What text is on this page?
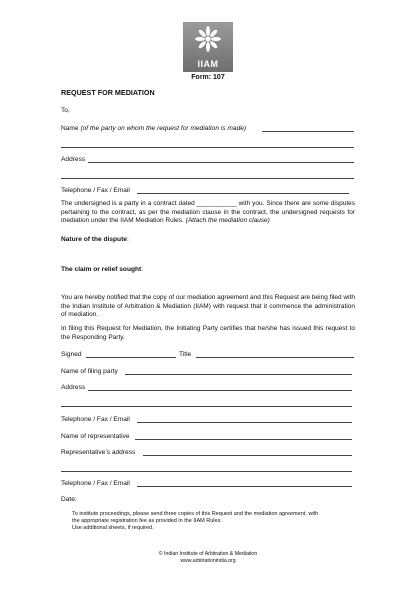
IIAM
Form: 107
REQUEST FOR MEDIATION
To,
Name (of the party on whom the request for mediation is made)
Address
Telephone / Fax / Email
The undersigned is a party in a contract dated ___________ with you. Since there are some disputes pertaining to the contract, as per the mediation clause in the contract, the undersigned requests for mediation under the IIAM Mediation Rules. (Attach the mediation clause)
Nature of the dispute:
The claim or relief sought:
You are hereby notified that the copy of our mediation agreement and this Request are being filed with the Indian Institute of Arbitration & Mediation (IIAM) with request that it commence the administration of mediation.
In filing this Request for Mediation, the Initiating Party certifies that he/she has issued this request to the Responding Party.
Signed	Title
Name of filing party
Address
Telephone / Fax / Email
Name of representative
Representative’s address
Telephone / Fax / Email
Date:
To institute proceedings, please send three copies of this Request and the mediation agreement, with
the appropriate registration fee as provided in the IIAM Rules.
Use additional sheets, if required.
© Indian Institute of Arbitration & Mediation
www.arbitrationindia.org
